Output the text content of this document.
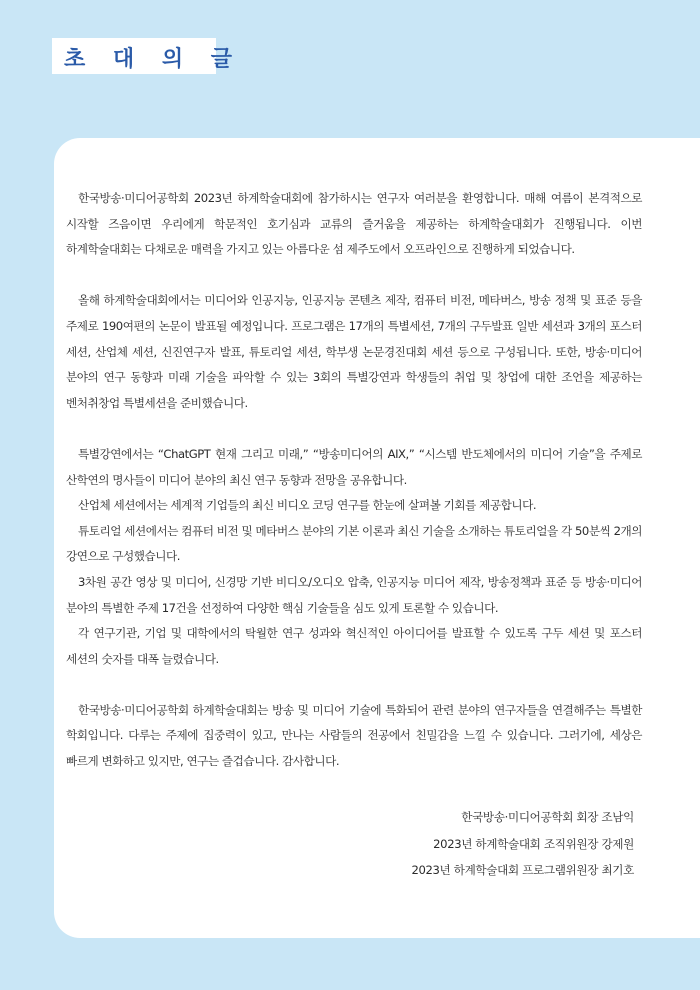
초 대 의 글

한국방송·미디어공학회 2023년 하계학술대회에 참가하시는 연구자 여러분을 환영합니다. 매해 여름이 본격적으로 시작할 즈음이면 우리에게 학문적인 호기심과 교류의 즐거움을 제공하는 하계학술대회가 진행됩니다. 이번 하계학술대회는 다채로운 매력을 가지고 있는 아름다운 섬 제주도에서 오프라인으로 진행하게 되었습니다.

올해 하계학술대회에서는 미디어와 인공지능, 인공지능 콘텐츠 제작, 컴퓨터 비전, 메타버스, 방송 정책 및 표준 등을 주제로 190여편의 논문이 발표될 예정입니다. 프로그램은 17개의 특별세션, 7개의 구두발표 일반 세션과 3개의 포스터 세션, 산업체 세션, 신진연구자 발표, 튜토리얼 세션, 학부생 논문경진대회 세션 등으로 구성됩니다. 또한, 방송·미디어 분야의 연구 동향과 미래 기술을 파악할 수 있는 3회의 특별강연과 학생들의 취업 및 창업에 대한 조언을 제공하는 벤처취창업 특별세션을 준비했습니다.

특별강연에서는 “ChatGPT 현재 그리고 미래,” “방송미디어의 AIX,” “시스템 반도체에서의 미디어 기술”을 주제로 산학연의 명사들이 미디어 분야의 최신 연구 동향과 전망을 공유합니다.

산업체 세션에서는 세계적 기업들의 최신 비디오 코딩 연구를 한눈에 살펴볼 기회를 제공합니다.

튜토리얼 세션에서는 컴퓨터 비전 및 메타버스 분야의 기본 이론과 최신 기술을 소개하는 튜토리얼을 각 50분씩 2개의 강연으로 구성했습니다.

3차원 공간 영상 및 미디어, 신경망 기반 비디오/오디오 압축, 인공지능 미디어 제작, 방송정책과 표준 등 방송·미디어 분야의 특별한 주제 17건을 선정하여 다양한 핵심 기술들을 심도 있게 토론할 수 있습니다.

각 연구기관, 기업 및 대학에서의 탁월한 연구 성과와 혁신적인 아이디어를 발표할 수 있도록 구두 세션 및 포스터 세션의 숫자를 대폭 늘렸습니다.

한국방송·미디어공학회 하계학술대회는 방송 및 미디어 기술에 특화되어 관련 분야의 연구자들을 연결해주는 특별한 학회입니다. 다루는 주제에 집중력이 있고, 만나는 사람들의 전공에서 친밀감을 느낄 수 있습니다. 그러기에, 세상은 빠르게 변화하고 있지만, 연구는 즐겁습니다. 감사합니다.

한국방송·미디어공학회 회장 조남익
2023년 하계학술대회 조직위원장 강제원
2023년 하계학술대회 프로그램위원장 최기호
